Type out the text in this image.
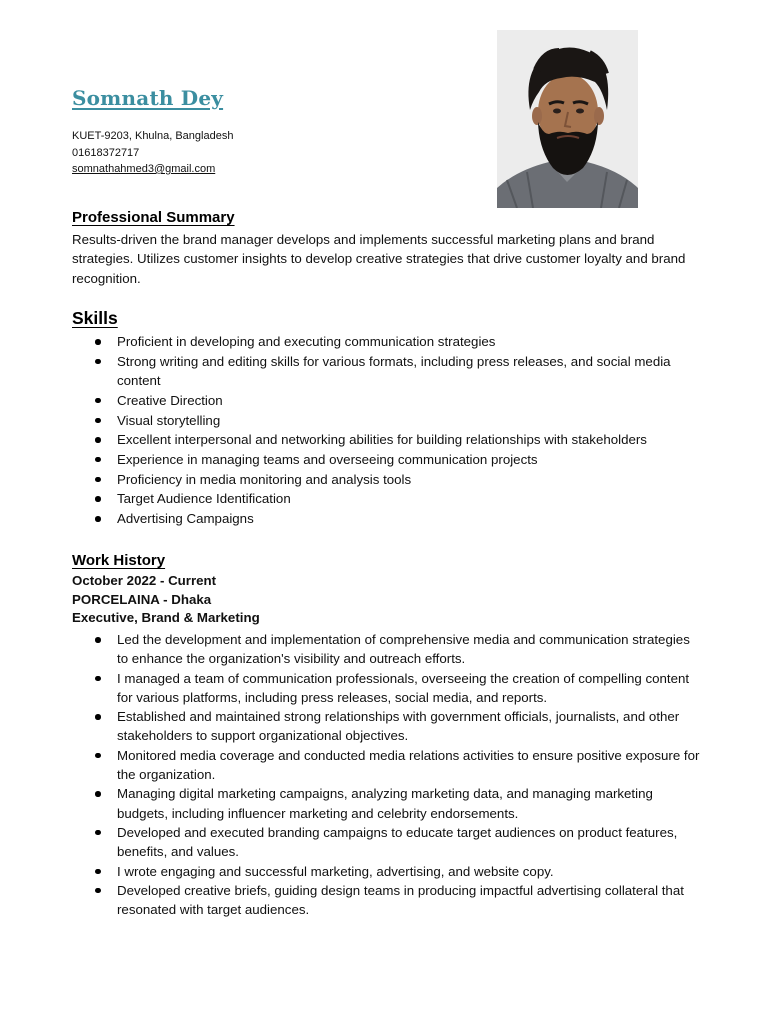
Somnath Dey
KUET-9203, Khulna, Bangladesh
01618372717
somnathahmed3@gmail.com
Professional Summary

Results-driven the brand manager develops and implements successful marketing plans and brand strategies. Utilizes customer insights to develop creative strategies that drive customer loyalty and brand recognition.

Skills
Proficient in developing and executing communication strategies
Strong writing and editing skills for various formats, including press releases, and social media content
Creative Direction
Visual storytelling
Excellent interpersonal and networking abilities for building relationships with stakeholders
Experience in managing teams and overseeing communication projects
Proficiency in media monitoring and analysis tools
Target Audience Identification
Advertising Campaigns
Work History
October 2022 - Current
PORCELAINA - Dhaka
Executive, Brand & Marketing
Led the development and implementation of comprehensive media and communication strategies to enhance the organization's visibility and outreach efforts.
I managed a team of communication professionals, overseeing the creation of compelling content for various platforms, including press releases, social media, and reports.
Established and maintained strong relationships with government officials, journalists, and other stakeholders to support organizational objectives.
Monitored media coverage and conducted media relations activities to ensure positive exposure for the organization.
Managing digital marketing campaigns, analyzing marketing data, and managing marketing budgets, including influencer marketing and celebrity endorsements.
Developed and executed branding campaigns to educate target audiences on product features, benefits, and values.
I wrote engaging and successful marketing, advertising, and website copy.
Developed creative briefs, guiding design teams in producing impactful advertising collateral that resonated with target audiences.
